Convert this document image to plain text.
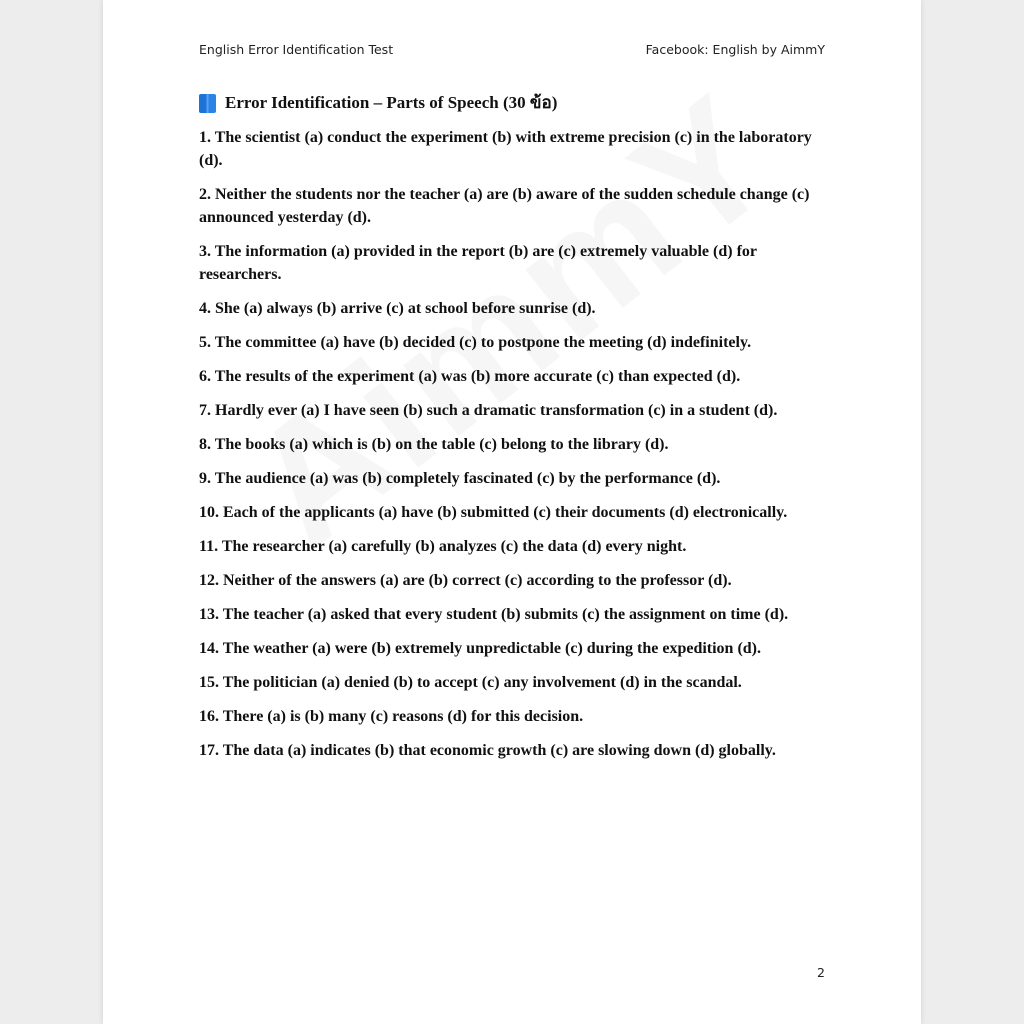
English Error Identification Test	Facebook: English by AimmY
Error Identification – Parts of Speech (30 ข้อ)
1. The scientist (a) conduct the experiment (b) with extreme precision (c) in the laboratory (d).
2. Neither the students nor the teacher (a) are (b) aware of the sudden schedule change (c) announced yesterday (d).
3. The information (a) provided in the report (b) are (c) extremely valuable (d) for researchers.
4. She (a) always (b) arrive (c) at school before sunrise (d).
5. The committee (a) have (b) decided (c) to postpone the meeting (d) indefinitely.
6. The results of the experiment (a) was (b) more accurate (c) than expected (d).
7. Hardly ever (a) I have seen (b) such a dramatic transformation (c) in a student (d).
8. The books (a) which is (b) on the table (c) belong to the library (d).
9. The audience (a) was (b) completely fascinated (c) by the performance (d).
10. Each of the applicants (a) have (b) submitted (c) their documents (d) electronically.
11. The researcher (a) carefully (b) analyzes (c) the data (d) every night.
12. Neither of the answers (a) are (b) correct (c) according to the professor (d).
13. The teacher (a) asked that every student (b) submits (c) the assignment on time (d).
14. The weather (a) were (b) extremely unpredictable (c) during the expedition (d).
15. The politician (a) denied (b) to accept (c) any involvement (d) in the scandal.
16. There (a) is (b) many (c) reasons (d) for this decision.
17. The data (a) indicates (b) that economic growth (c) are slowing down (d) globally.
2
